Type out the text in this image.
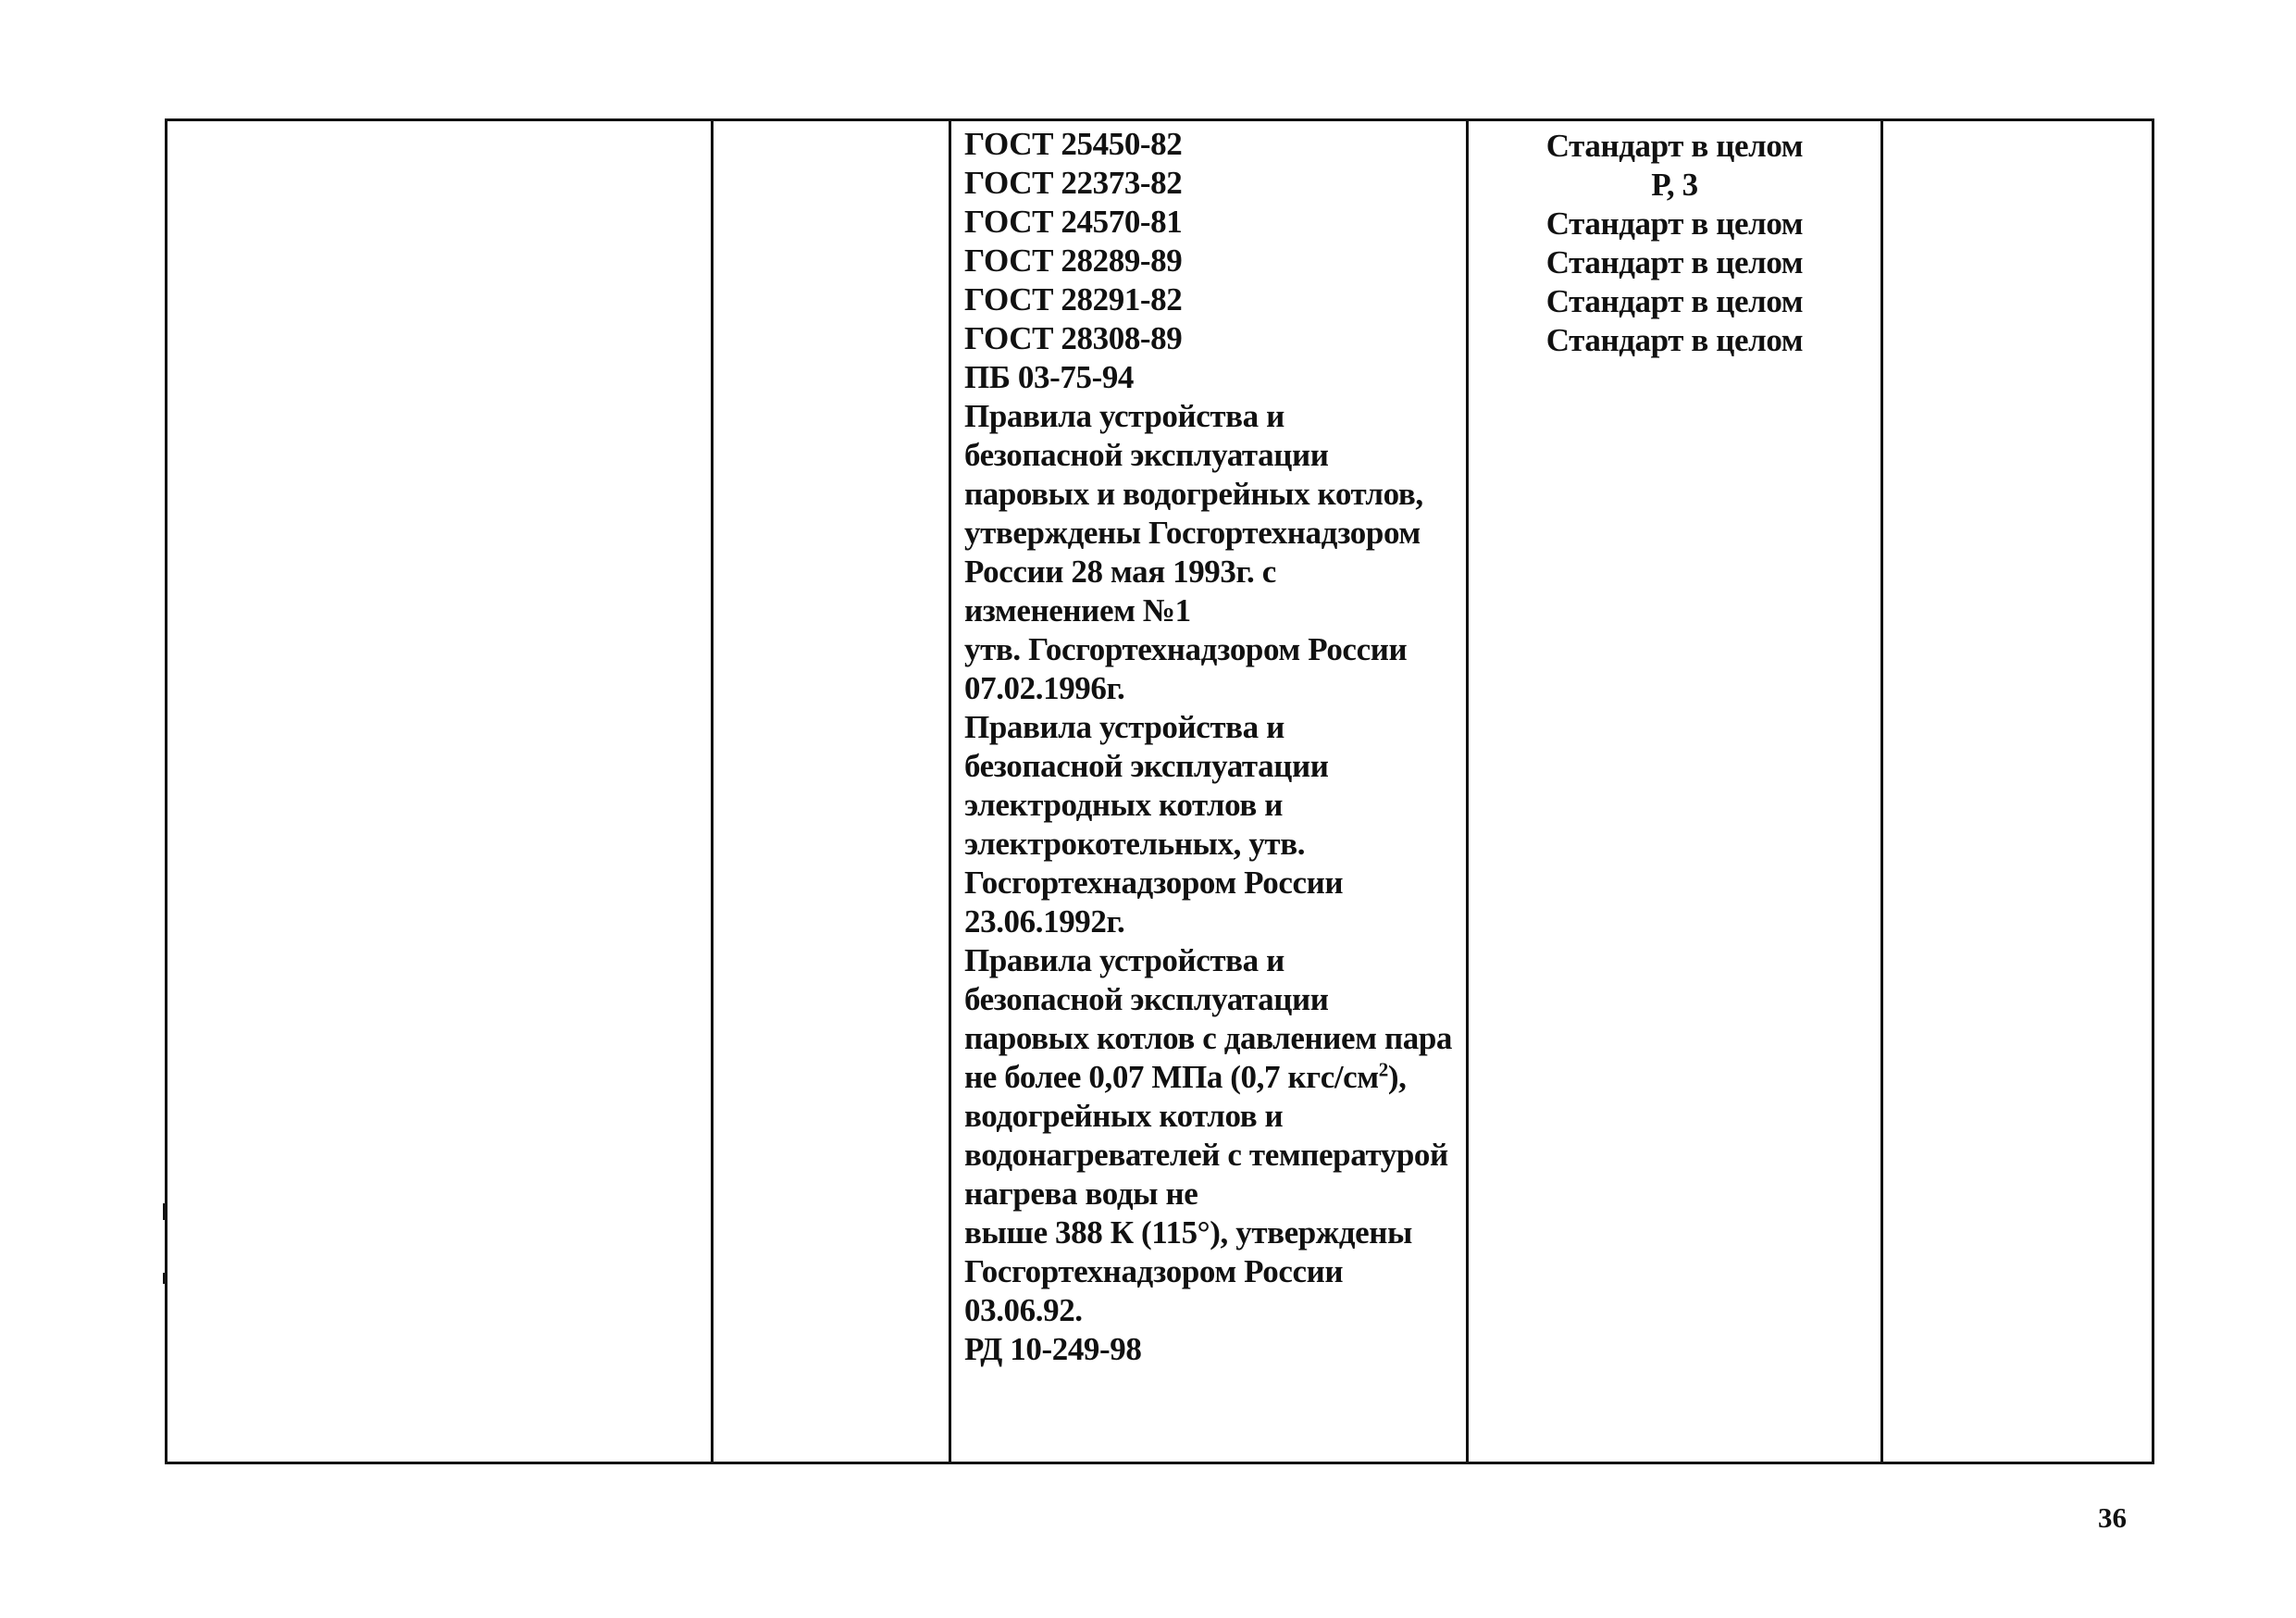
ГОСТ 25450-82
ГОСТ 22373-82
ГОСТ 24570-81
ГОСТ 28289-89
ГОСТ 28291-82
ГОСТ 28308-89
ПБ 03-75-94
Правила устройства и
безопасной эксплуатации
паровых и водогрейных котлов,
утверждены Госгортехнадзором
России 28 мая 1993г. с
изменением №1
утв. Госгортехнадзором России
07.02.1996г.
Правила устройства и
безопасной эксплуатации
электродных котлов и
электрокотельных, утв.
Госгортехнадзором России
23.06.1992г.
Правила устройства и
безопасной эксплуатации
паровых котлов с давлением пара
не более 0,07 МПа (0,7 кгс/$см^2$),
водогрейных котлов и
водонагревателей с температурой
нагрева воды не
выше 388 К (115°), утверждены
Госгортехнадзором России
03.06.92.
РД 10-249-98
Стандарт в целом
Р, 3
Стандарт в целом
Стандарт в целом
Стандарт в целом
Стандарт в целом
36
